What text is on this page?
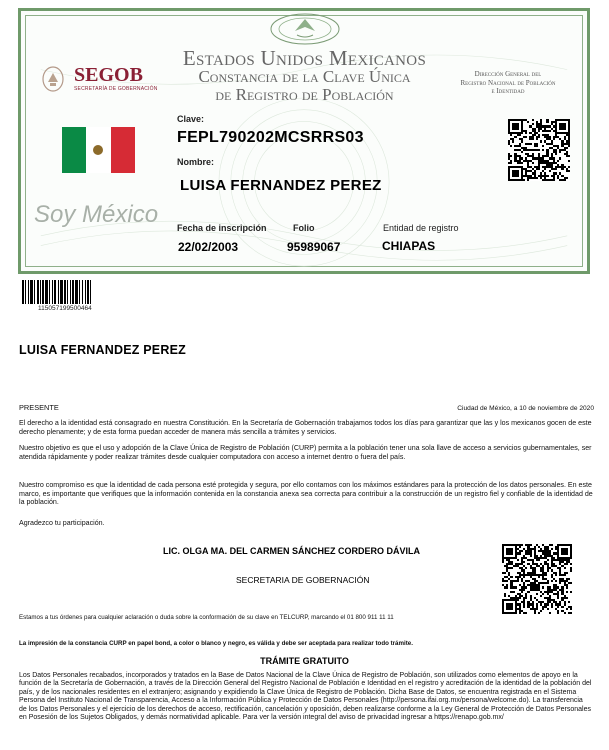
Estados Unidos Mexicanos
Constancia de la Clave Única
de Registro de Población
SEGOB
SECRETARÍA DE GOBERNACIÓN
Dirección General del
Registro Nacional de Población
e Identidad
Soy México
Clave:
FEPL790202MCSRRS03
Nombre:
LUISA FERNANDEZ PEREZ
Fecha de inscripción
22/02/2003
Folio
95989067
Entidad de registro
CHIAPAS
115057199500464
LUISA FERNANDEZ PEREZ
PRESENTE	Ciudad de México, a 10 de noviembre de 2020
El derecho a la identidad está consagrado en nuestra Constitución. En la Secretaría de Gobernación trabajamos todos los días para garantizar que las y los mexicanos gocen de este derecho plenamente; y de esta forma puedan acceder de manera más sencilla a trámites y servicios.
Nuestro objetivo es que el uso y adopción de la Clave Única de Registro de Población (CURP) permita a la población tener una sola llave de acceso a servicios gubernamentales, ser atendida rápidamente y poder realizar trámites desde cualquier computadora con acceso a internet dentro o fuera del país.
Nuestro compromiso es que la identidad de cada persona esté protegida y segura, por ello contamos con los máximos estándares para la protección de los datos personales. En este marco, es importante que verifiques que la información contenida en la constancia anexa sea correcta para contribuir a la construcción de un registro fiel y confiable de la identidad de la población.
Agradezco tu participación.
LIC. OLGA MA. DEL CARMEN SÁNCHEZ CORDERO DÁVILA
SECRETARIA DE GOBERNACIÓN
Estamos a tus órdenes para cualquier aclaración o duda sobre la conformación de su clave en TELCURP, marcando el 01 800 911 11 11
La impresión de la constancia CURP en papel bond, a color o blanco y negro, es válida y debe ser aceptada para realizar todo trámite.
TRÁMITE GRATUITO
Los Datos Personales recabados, incorporados y tratados en la Base de Datos Nacional de la Clave Única de Registro de Población, son utilizados como elementos de apoyo en la función de la Secretaría de Gobernación, a través de la Dirección General del Registro Nacional de Población e Identidad en el registro y acreditación de la identidad de la población del país, y de los nacionales residentes en el extranjero; asignando y expidiendo la Clave Única de Registro de Población. Dicha Base de Datos, se encuentra registrada en el Sistema Persona del Instituto Nacional de Transparencia, Acceso a la Información Pública y Protección de Datos Personales (http://persona.ifai.org.mx/persona/welcome.do). La transferencia de los Datos Personales y el ejercicio de los derechos de acceso, rectificación, cancelación y oposición, deben realizarse conforme a la Ley General de Protección de Datos Personales en Posesión de los Sujetos Obligados, y demás normatividad aplicable. Para ver la versión integral del aviso de privacidad ingresar a https://renapo.gob.mx/
